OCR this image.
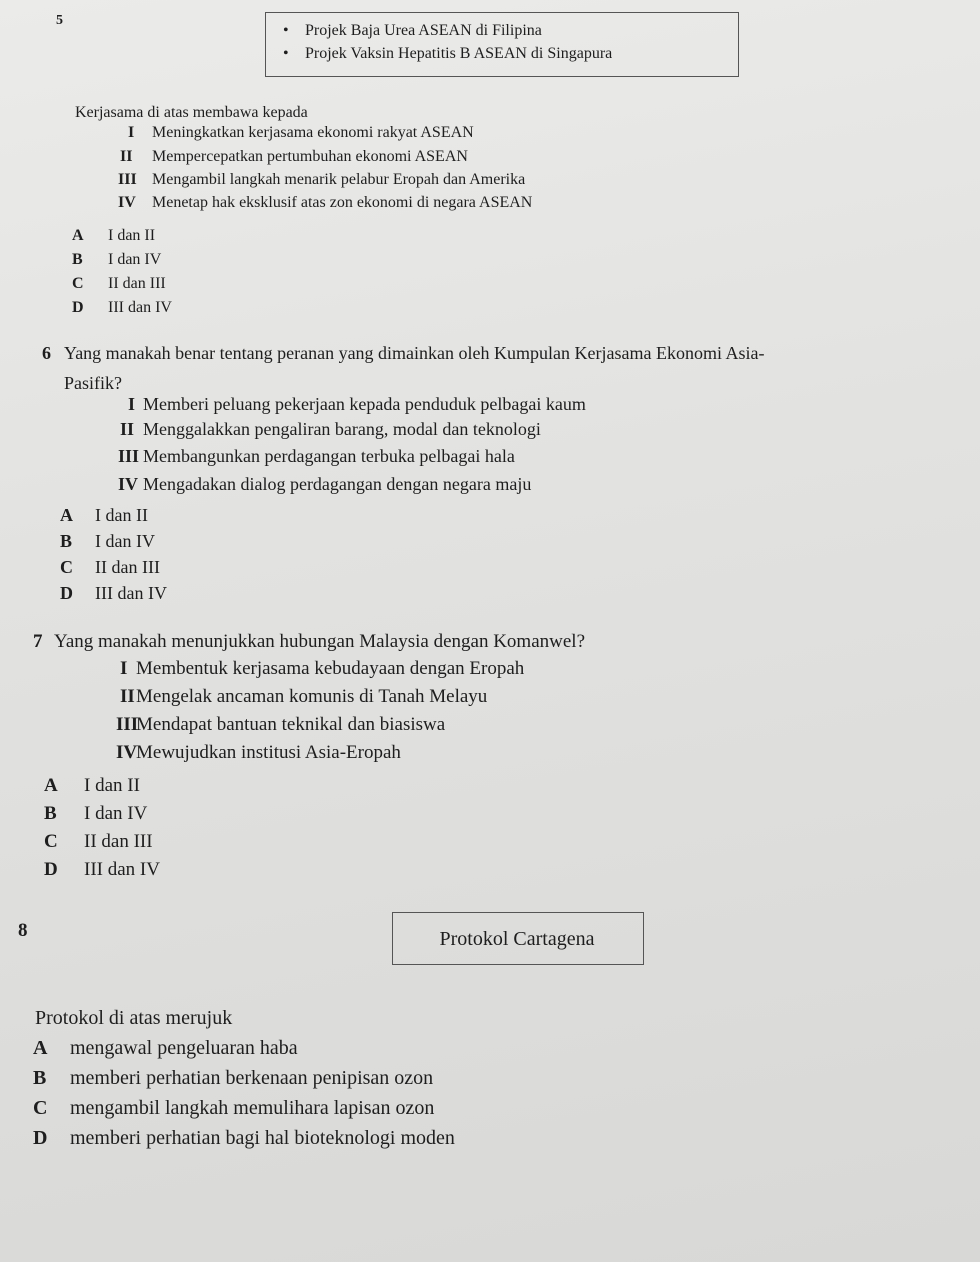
5
• Projek Baja Urea ASEAN di Filipina
• Projek Vaksin Hepatitis B ASEAN di Singapura
Kerjasama di atas membawa kepada
I Meningkatkan kerjasama ekonomi rakyat ASEAN
II Mempercepatkan pertumbuhan ekonomi ASEAN
III Mengambil langkah menarik pelabur Eropah dan Amerika
IV Menetap hak eksklusif atas zon ekonomi di negara ASEAN
A I dan II
B I dan IV
C II dan III
D III dan IV
6 Yang manakah benar tentang peranan yang dimainkan oleh Kumpulan Kerjasama Ekonomi Asia-
Pasifik?
I Memberi peluang pekerjaan kepada penduduk pelbagai kaum
II Menggalakkan pengaliran barang, modal dan teknologi
III Membangunkan perdagangan terbuka pelbagai hala
IV Mengadakan dialog perdagangan dengan negara maju
A I dan II
B I dan IV
C II dan III
D III dan IV
7 Yang manakah menunjukkan hubungan Malaysia dengan Komanwel?
I Membentuk kerjasama kebudayaan dengan Eropah
II Mengelak ancaman komunis di Tanah Melayu
III
Mendapat bantuan teknikal dan biasiswa
IV
Mewujudkan institusi Asia-Eropah
A I dan II
B I dan IV
C II dan III
D III dan IV
8	Protokol Cartagena
Protokol di atas merujuk
A mengawal pengeluaran haba
B memberi perhatian berkenaan penipisan ozon
C mengambil langkah memulihara lapisan ozon
D memberi perhatian bagi hal bioteknologi moden
